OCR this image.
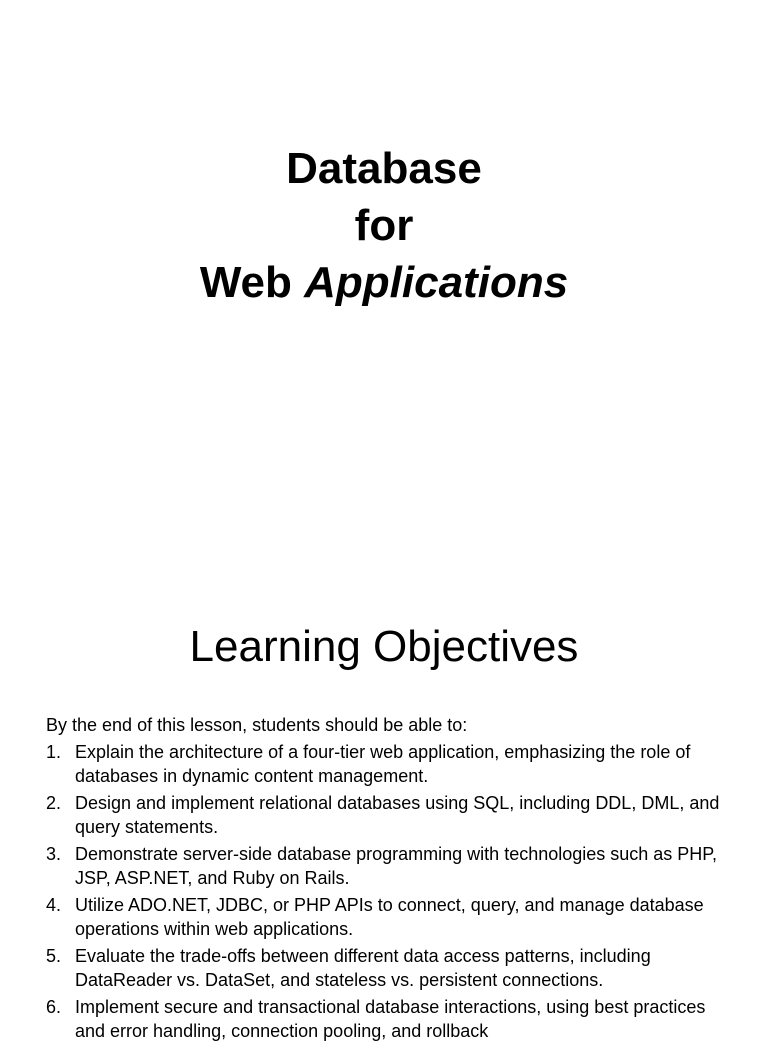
Database
for
Web Applications
Learning Objectives
By the end of this lesson, students should be able to:
1. Explain the architecture of a four-tier web application, emphasizing the role of databases in dynamic content management.
2. Design and implement relational databases using SQL, including DDL, DML, and query statements.
3. Demonstrate server-side database programming with technologies such as PHP, JSP, ASP.NET, and Ruby on Rails.
4. Utilize ADO.NET, JDBC, or PHP APIs to connect, query, and manage database operations within web applications.
5. Evaluate the trade-offs between different data access patterns, including DataReader vs. DataSet, and stateless vs. persistent connections.
6. Implement secure and transactional database interactions, using best practices and error handling, connection pooling, and rollback
